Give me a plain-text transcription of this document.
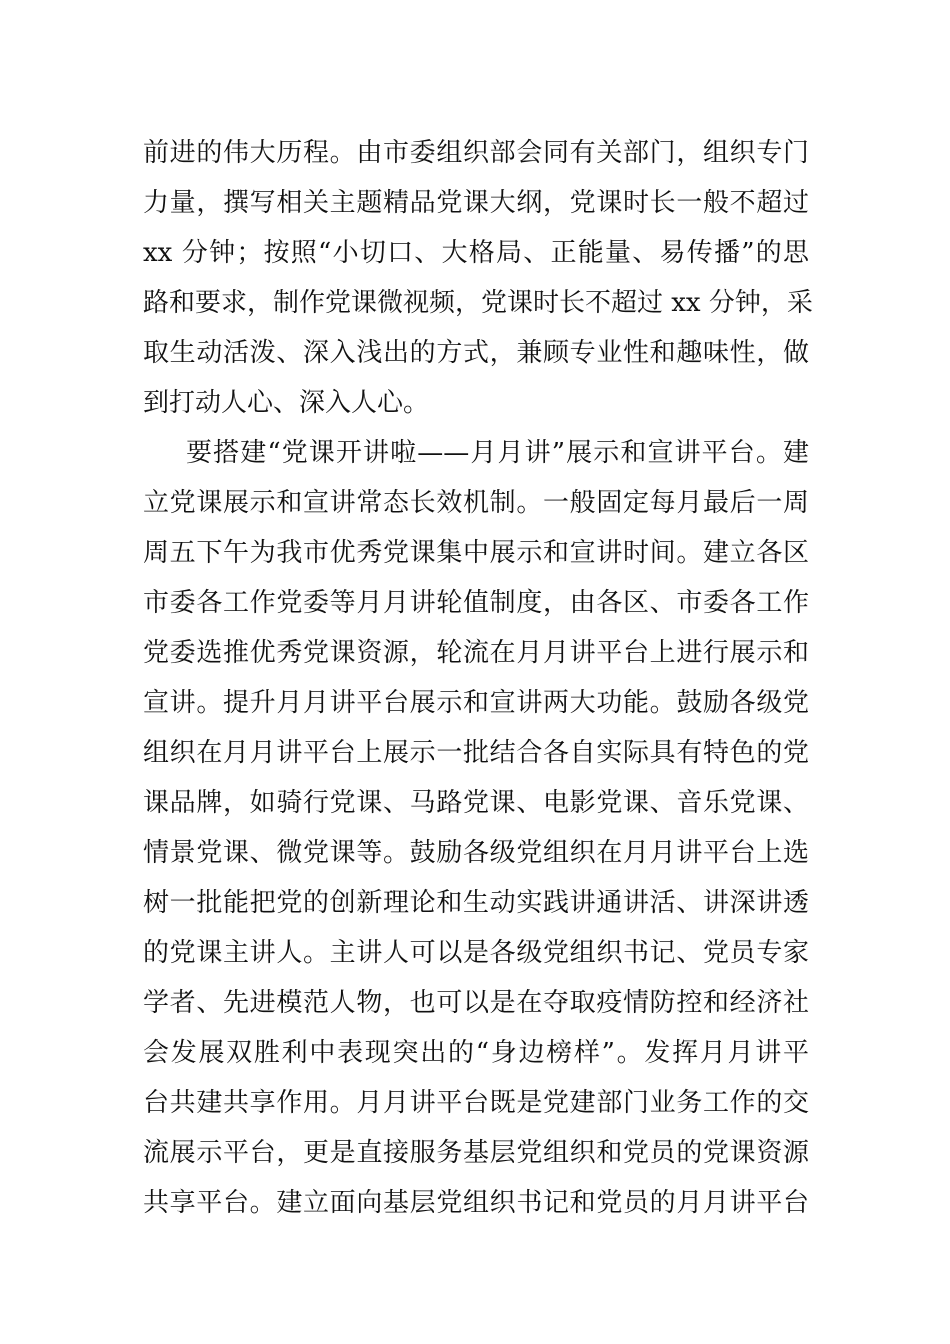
前进的伟大历程。由市委组织部会同有关部门，组织专门
力量，撰写相关主题精品党课大纲，党课时长一般不超过
xx 分钟；按照“小切口、大格局、正能量、易传播”的思
路和要求，制作党课微视频，党课时长不超过 xx 分钟，采
取生动活泼、深入浅出的方式，兼顾专业性和趣味性，做
到打动人心、深入人心。
要搭建“党课开讲啦——月月讲”展示和宣讲平台。建
立党课展示和宣讲常态长效机制。一般固定每月最后一周
周五下午为我市优秀党课集中展示和宣讲时间。建立各区
市委各工作党委等月月讲轮值制度，由各区、市委各工作
党委选推优秀党课资源，轮流在月月讲平台上进行展示和
宣讲。提升月月讲平台展示和宣讲两大功能。鼓励各级党
组织在月月讲平台上展示一批结合各自实际具有特色的党
课品牌，如骑行党课、马路党课、电影党课、音乐党课、
情景党课、微党课等。鼓励各级党组织在月月讲平台上选
树一批能把党的创新理论和生动实践讲通讲活、讲深讲透
的党课主讲人。主讲人可以是各级党组织书记、党员专家
学者、先进模范人物，也可以是在夺取疫情防控和经济社
会发展双胜利中表现突出的“身边榜样”。发挥月月讲平
台共建共享作用。月月讲平台既是党建部门业务工作的交
流展示平台，更是直接服务基层党组织和党员的党课资源
共享平台。建立面向基层党组织书记和党员的月月讲平台
